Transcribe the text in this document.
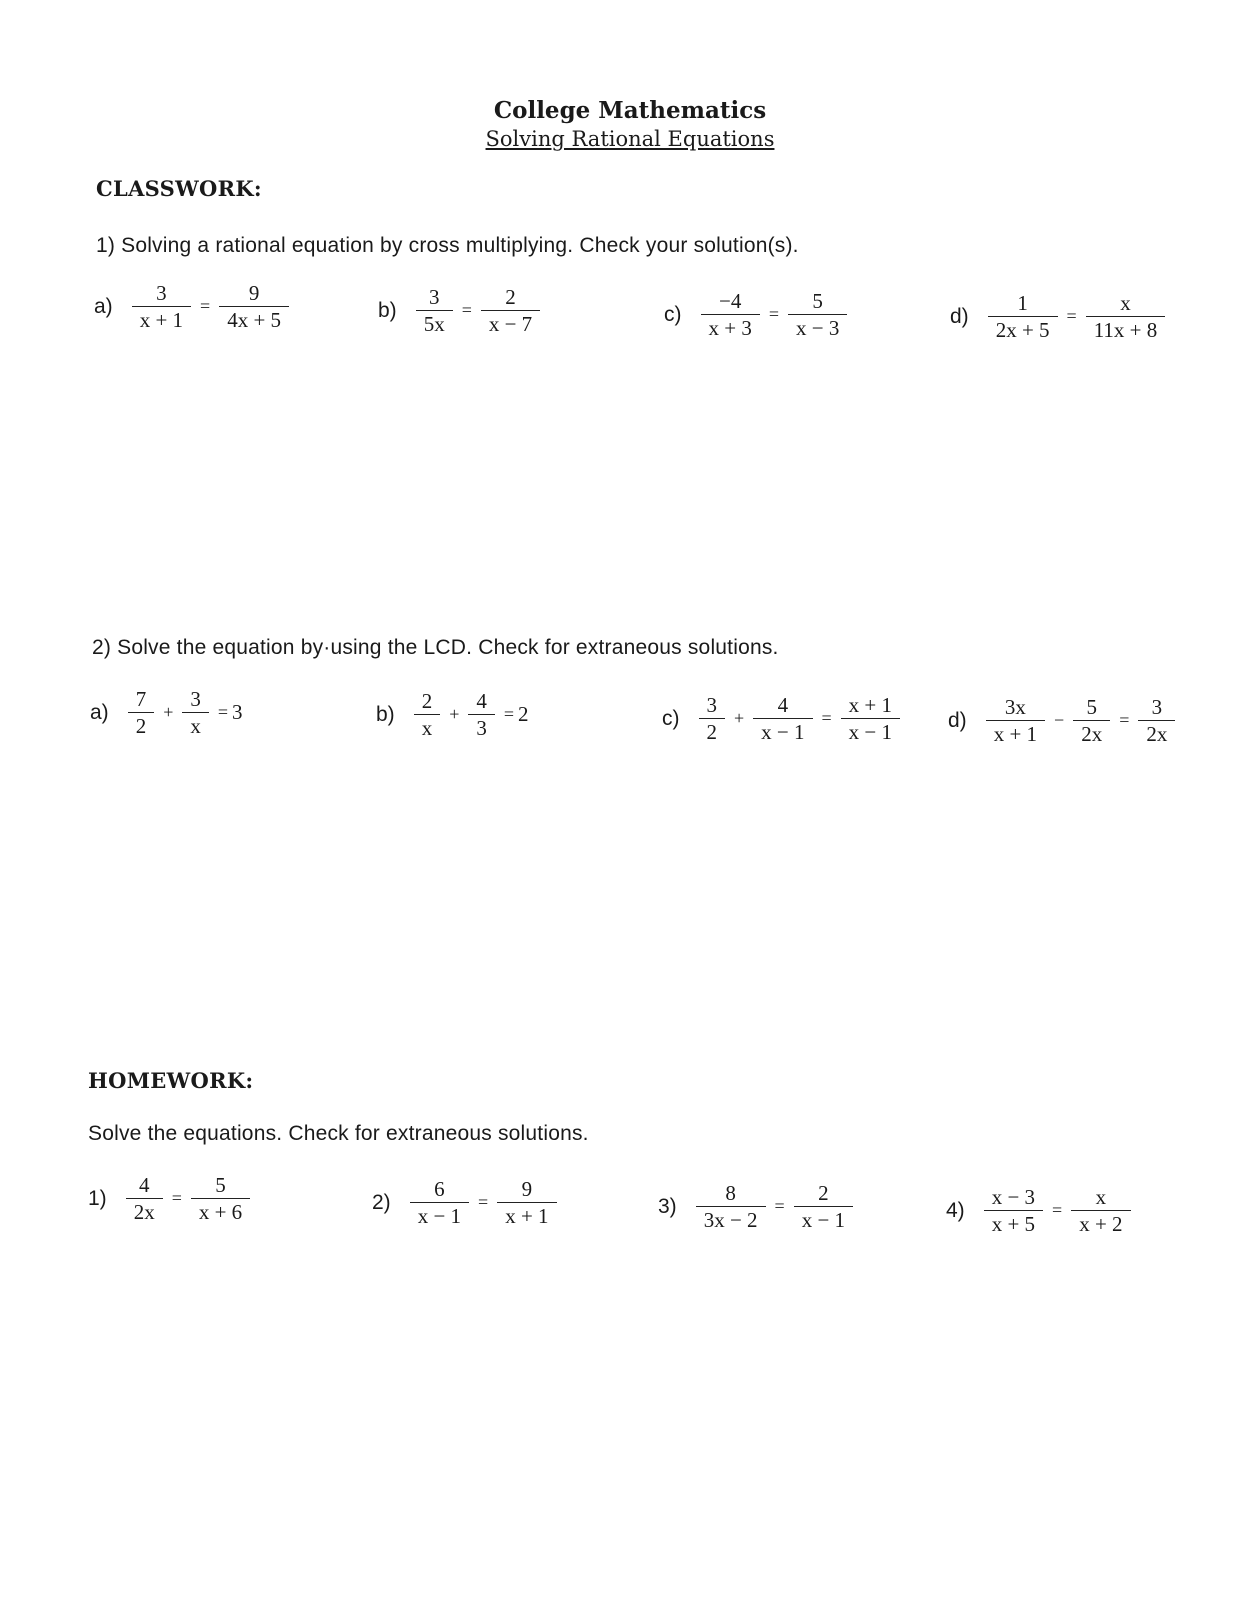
College Mathematics
Solving Rational Equations
CLASSWORK:
1) Solving a rational equation by cross multiplying. Check your solution(s).
$a) \frac{3}{x + 1} = \frac{9}{4x + 5}$	$b) \frac{3}{5x} = \frac{2}{x - 7}$	$c) \frac{-4}{x + 3} = \frac{5}{x - 3}$	$d) \frac{1}{2x + 5} = \frac{x}{11x + 8}$
2) Solve the equation by·using the LCD. Check for extraneous solutions.
$a) \frac{7}{2} + \frac{3}{x} = 3$	$b) \frac{2}{x} + \frac{4}{3} = 2$	$c) \frac{3}{2} + \frac{4}{x - 1} = \frac{x + 1}{x - 1} d) \frac{3x}{x + 1} - \frac{5}{2x} = \frac{3}{2x}$
HOMEWORK:
Solve the equations. Check for extraneous solutions.
$1) \frac{4}{2x} = \frac{5}{x + 6}$	$2) \frac{6}{x - 1} = \frac{9}{x + 1}$	$3) \frac{8}{3x - 2} = \frac{2}{x - 1}$	$4) \frac{x - 3}{x + 5} = \frac{x}{x + 2}$
